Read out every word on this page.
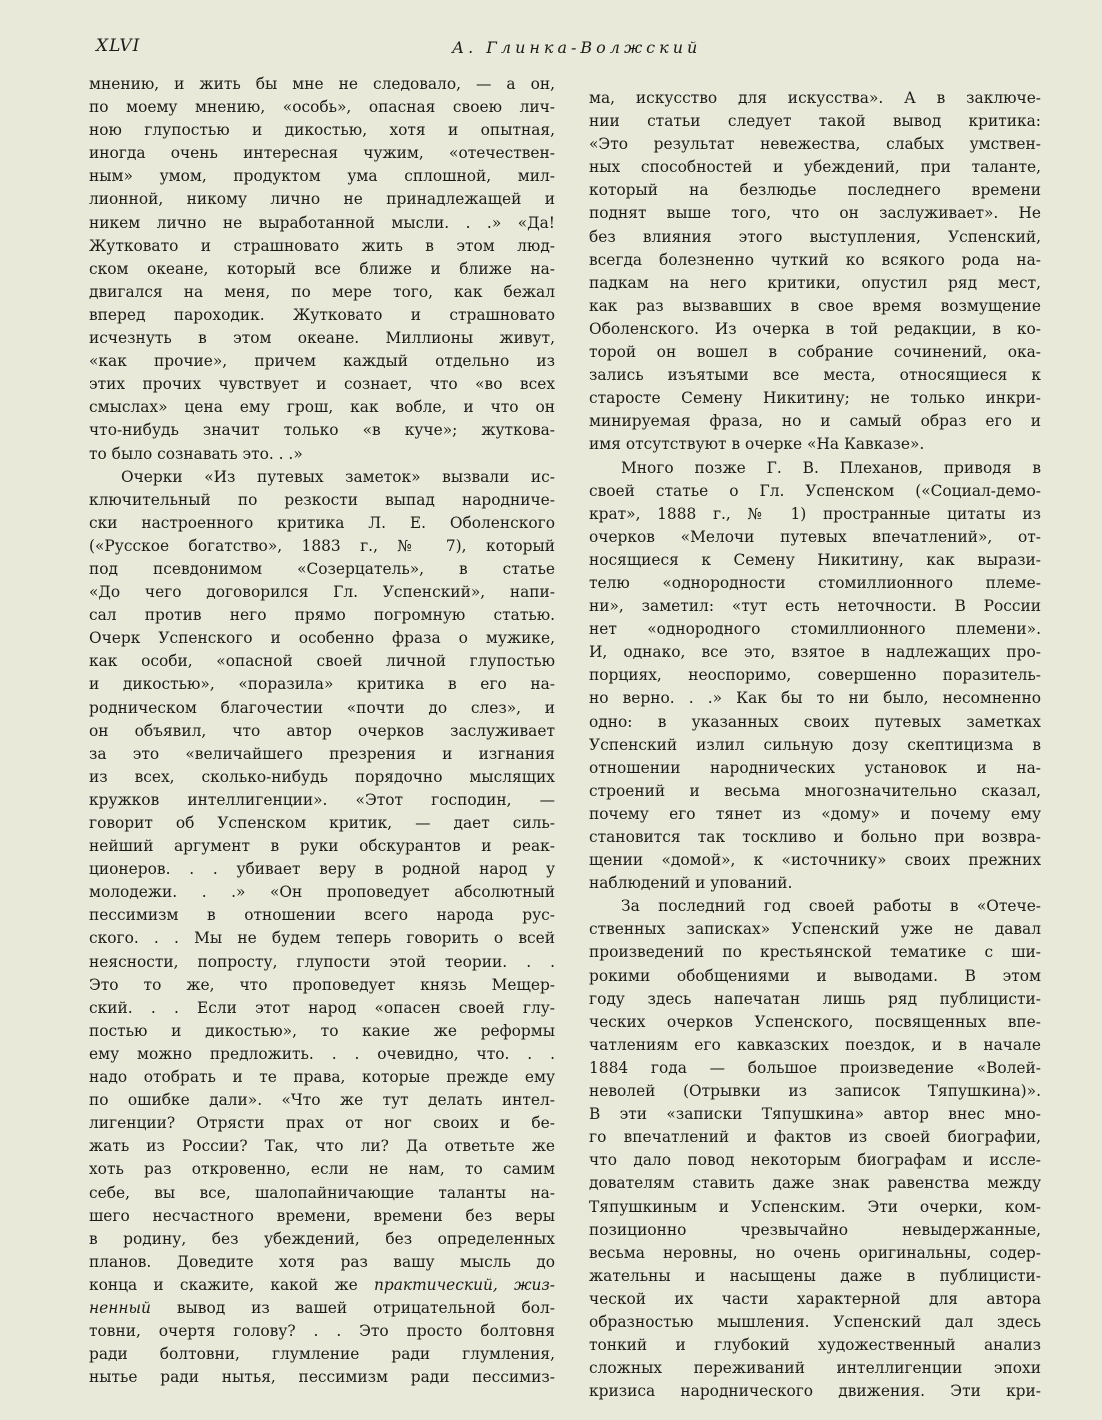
XLVI	А. Глинка-Волжский
мнению, и жить бы мне не следовало, — а он,
по моему мнению, «особь», опасная своею лич-
ною глупостью и дикостью, хотя и опытная,
иногда очень интересная чужим, «отечествен-
ным» умом, продуктом ума сплошной, мил-
лионной, никому лично не принадлежащей и
никем лично не выработанной мысли. . .» «Да!
Жутковато и страшновато жить в этом люд-
ском океане, который все ближе и ближе на-
двигался на меня, по мере того, как бежал
вперед пароходик. Жутковато и страшновато
исчезнуть в этом океане. Миллионы живут,
«как прочие», причем каждый отдельно из
этих прочих чувствует и сознает, что «во всех
смыслах» цена ему грош, как вобле, и что он
что-нибудь значит только «в куче»; жуткова-
то было сознавать это. . .»
Очерки «Из путевых заметок» вызвали ис-
ключительный по резкости выпад народниче-
ски настроенного критика Л. Е. Оболенского
(«Русское богатство», 1883 г., № 7), который
под псевдонимом «Созерцатель», в статье
«До чего договорился Гл. Успенский», напи-
сал против него прямо погромную статью.
Очерк Успенского и особенно фраза о мужике,
как особи, «опасной своей личной глупостью
и дикостью», «поразила» критика в его на-
родническом благочестии «почти до слез», и
он объявил, что автор очерков заслуживает
за это «величайшего презрения и изгнания
из всех, сколько-нибудь порядочно мыслящих
кружков интеллигенции». «Этот господин, —
говорит об Успенском критик, — дает силь-
нейший аргумент в руки обскурантов и реак-
ционеров. . . убивает веру в родной народ у
молодежи. . .» «Он проповедует абсолютный
пессимизм в отношении всего народа рус-
ского. . . Мы не будем теперь говорить о всей
неясности, попросту, глупости этой теории. . .
Это то же, что проповедует князь Мещер-
ский. . . Если этот народ «опасен своей глу-
постью и дикостью», то какие же реформы
ему можно предложить. . . очевидно, что. . .
надо отобрать и те права, которые прежде ему
по ошибке дали». «Что же тут делать интел-
лигенции? Отрясти прах от ног своих и бе-
жать из России? Так, что ли? Да ответьте же
хоть раз откровенно, если не нам, то самим
себе, вы все, шалопайничающие таланты на-
шего несчастного времени, времени без веры
в родину, без убеждений, без определенных
планов. Доведите хотя раз вашу мысль до
конца и скажите, какой же практический, жиз-
ненный вывод из вашей отрицательной бол-
товни, очертя голову? . . Это просто болтовня
ради болтовни, глумление ради глумления,
нытье ради нытья, пессимизм ради пессимиз-
ма, искусство для искусства». А в заключе-
нии статьи следует такой вывод критика:
«Это результат невежества, слабых умствен-
ных способностей и убеждений, при таланте,
который на безлюдье последнего времени
поднят выше того, что он заслуживает». Не
без влияния этого выступления, Успенский,
всегда болезненно чуткий ко всякого рода на-
падкам на него критики, опустил ряд мест,
как раз вызвавших в свое время возмущение
Оболенского. Из очерка в той редакции, в ко-
торой он вошел в собрание сочинений, ока-
зались изъятыми все места, относящиеся к
старосте Семену Никитину; не только инкри-
минируемая фраза, но и самый образ его и
имя отсутствуют в очерке «На Кавказе».
Много позже Г. В. Плеханов, приводя в
своей статье о Гл. Успенском («Социал-демо-
крат», 1888 г., № 1) пространные цитаты из
очерков «Мелочи путевых впечатлений», от-
носящиеся к Семену Никитину, как вырази-
телю «однородности стомиллионного племе-
ни», заметил: «тут есть неточности. В России
нет «однородного стомиллионного племени».
И, однако, все это, взятое в надлежащих про-
порциях, неоспоримо, совершенно поразитель-
но верно. . .» Как бы то ни было, несомненно
одно: в указанных своих путевых заметках
Успенский излил сильную дозу скептицизма в
отношении народнических установок и на-
строений и весьма многозначительно сказал,
почему его тянет из «дому» и почему ему
становится так тоскливо и больно при возвра-
щении «домой», к «источнику» своих прежних
наблюдений и упований.
За последний год своей работы в «Отече-
ственных записках» Успенский уже не давал
произведений по крестьянской тематике с ши-
рокими обобщениями и выводами. В этом
году здесь напечатан лишь ряд публицисти-
ческих очерков Успенского, посвященных впе-
чатлениям его кавказских поездок, и в начале
1884 года — большое произведение «Волей-
неволей (Отрывки из записок Тяпушкина)».
В эти «записки Тяпушкина» автор внес мно-
го впечатлений и фактов из своей биографии,
что дало повод некоторым биографам и иссле-
дователям ставить даже знак равенства между
Тяпушкиным и Успенским. Эти очерки, ком-
позиционно чрезвычайно невыдержанные,
весьма неровны, но очень оригинальны, содер-
жательны и насыщены даже в публицисти-
ческой их части характерной для автора
образностью мышления. Успенский дал здесь
тонкий и глубокий художественный анализ
сложных переживаний интеллигенции эпохи
кризиса народнического движения. Эти кри-
